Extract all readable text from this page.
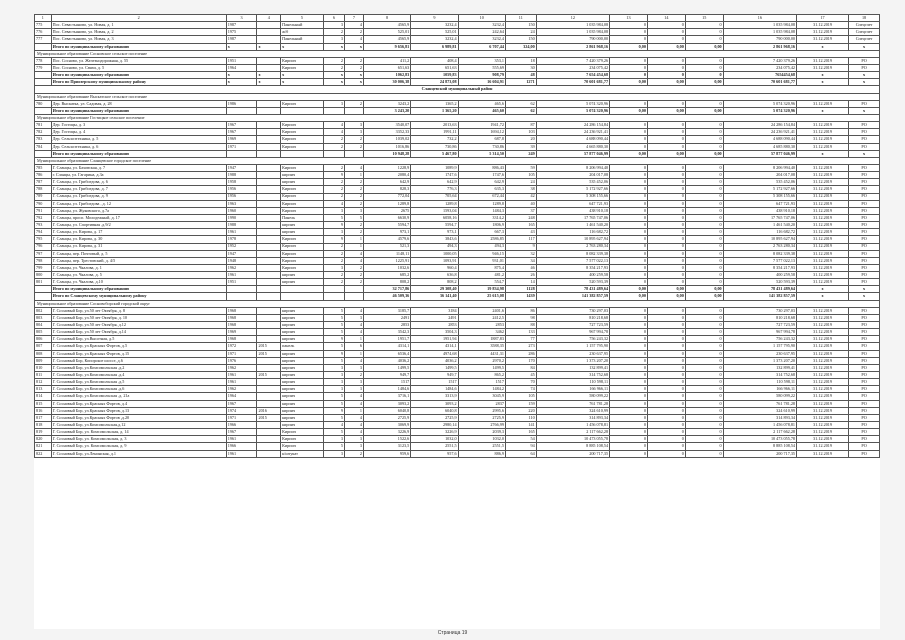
1	2	3	4	5	6	7	8	9	10	11	12	13	14	15	16	17	18
775	Пос. Севастьяново, ул. Новая, д. 1	1987		Панельный	3	4	4565,9	3232,4	3232,4	150	1 035 984,08	0	0	0	1 035 984,08	31.12.2019	Спецсчет
776	Пос. Севастьяново, ул. Новая, д. 2	1975		ж/б	2	2	525,01	525,01	242,64	24	1 035 984,08	0	0	0	1 035 984,08	31.12.2019	Спецсчет
777	Пос. Севастьяново, ул. Новая, д. 3	1987		Панельный	3	4	4565,9	3232,4	3232,4	150	790 000,00	0	0	0	790 000,00	31.12.2019	Спецсчет
	Итого по муниципальному образованию	х	х	х	х	х	9 656,81	6 989,81	6 707,44	324,00	2 861 968,16	0,00	0,00	0,00	2 861 968,16	х	х
Муниципальное образование Сосновское сельское поселение																	
778	Пос. Сосново, ул. Железнодорожная, д. 55	1951		Кирпич	2	2	411,2	408,4	353,1	18	7 420 379,26	0	0	0	7 420 379,26	31.12.2019	РО
779	Пос. Сосново, ул. Связи, д. 5	1964		Кирпич	2	2	651,63	651,63	555,69	30	234 075,42	0	0	0	234 075,42	31.12.2019	РО
	Итого по муниципальному образованию	х	х	х	х	х	1062,83	1059,83	908,79	48	7 654 454,68	0	0	0	7654454,68	х	х
	Итого по Приозерскому муниципальному району	х	х	х	х	х	30 006,38	24 873,08	16 604,91	1271	70 601 681,77	0,00	0,00	0,00	70 601 681,77	х	х
Сланцевский муниципальный район																	
Муниципальное образование Выскатское сельское поселение																	
780	Дер. Выскатка, ул. Садовая, д. 28	1986		Кирпич	3	2	3243,2	1365,2	465,6	62	5 074 320,96	0	0	0	5 074 320,96	31.12.2019	РО
	Итого по муниципальному образованию						3 243,20	1 365,20	465,60	62	5 074 320,96	0,00	0,00	0,00	5 074 320,96	х	х
Муниципальное образование Гостицкое сельское поселение																	
781	Дер. Гостицы, д. 3	1967		Кирпич	4	3	3540,07	2013,63	1941,72	87	24 286 154,84	0	0	0	24 286 154,84	31.12.2019	РО
782	Дер. Гостицы, д. 4	1967		Кирпич	4	3	3352,33	1991,11	1694,12	103	24 236 921,41	0	0	0	24 236 921,41	31.12.2019	РО
783	Дер. Сельхозтехника, д. 5	1969		Кирпич	2	2	1039,02	732,2	687,8	20	4 688 090,44	0	0	0	4 688 090,44	31.12.2019	РО
784	Дер. Сельхозтехника, д. 6	1971		Кирпич	2	2	1016,86	730,86	730,86	39	4 665 880,30	0	0	0	4 685 880,30	31.12.2019	РО
	Итого по муниципальному образованию						10 948,28	5 467,80	5 314,50	249	57 877 046,99	0,00	0,00	0,00	57 877 046,99	х	х
Муниципальное образование Сланцевское городское поселение																	
785	Г. Сланцы, ул. Баховская, д. 7	1947		Кирпич	2	4	1228,9	1089,9	886,43	59	8 206 994,40	0	0	0	8 206 994,40	31.12.2019	РО
786	г. Сланцы, ул. Гагарина, д.3а	1988		кирпич	9	1	2080,4	1747,6	1747,6	105	204 017,08	0	0	0	204 017,08	31.12.2019	РО
787	Г. Сланцы, ул. Грибоедова, д. 6	1958		кирпич	2	2	642,9	642,9	642,9	24	535 452,06	0	0	0	535 452,06	31.12.2019	РО
788	Г. Сланцы, ул. Грибоедова, д. 7	1956		Кирпич	2	2	828,3	776,3	635,3	38	5 172 927,66	0	0	0	5 172 927,66	31.12.2019	РО
789	Г. Сланцы, ул. Грибоедова, д. 9	1956		Кирпич	2	2	772,04	705,64	672,44	42	5 308 155,66	0	0	0	5 308 155,66	31.12.2019	РО
790	Г. Сланцы, ул. Грибоедова , д. 12	1963		Кирпич	4	2	1289,8	1289,8	1289,8	40	647 721,93	0	0	0	647 721,93	31.12.2019	РО
791	Г. Сланцы, ул. Жуковского, д.7а	1960		Кирпич	3	3	2675	1593,04	1484,3	37	438 910,18	0	0	0	438 910,18	31.12.2019	РО
792	Г. Сланцы, просп. Молодежный, д. 17	1990		Панель	5	5	6630,9	6058,16	3314,2	248	17 765 747,06	0	0	0	17 765 747,06	31.12.2019	РО
793	Г. Сланцы, ул. Спортивная ,д.9/2	1988		кирпич	9	2	5594,7	5594,7	1806,9	165	1 461 540,20	0	0	0	1 461 540,20	31.12.2019	РО
794	Г. Сланцы, ул. Кирова, д. 17	1961		кирпич	3	2	973,1	973,1	667,3	43	116 682,72	0	0	0	116 682,72	31.12.2019	РО
795	Г. Сланцы, ул. Кирова, д. 30	1978		Кирпич	9	1	4579,6	3843,6	2586,85	117	10 895 627,94	0	0	0	10 895 627,94	31.12.2019	РО
796	Г. Сланцы, ул. Кирова, д. 31	1952		Кирпич	2	1	521,3	494,3	494,3	9	2 763 280,34	0	0	0	2 763 280,34	31.12.2019	РО
797	Г. Сланцы, пер. Почтовый, д. 5	1947		Кирпич	2	4	1148,11	1000,05	946,15	32	8 082 339,38	0	0	0	8 082 339,38	31.12.2019	РО
798	Г. Сланцы, пер. Трестовский, д. 4/5	1948		Кирпич	2	4	1225,91	1093,91	931,01	34	7 577 022,13	0	0	0	7 577 022,13	31.12.2019	РО
799	Г. Сланцы, ул. Чкалова, д. 1	1962		Кирпич	3	2	1032,6	960,4	875,4	46	8 354 217,93	0	0	0	8 354 217,93	31.12.2019	РО
800	Г. Сланцы, ул. Чкалова, д. 5	1961		кирпич	2	2	685,2	636,8	481,2	26	400 259,58	0	0	0	400 259,58	31.12.2019	РО
801	Г. Сланцы, ул. Чкалова, д.10	1951		кирпич	2	2	808,2	808,2	554,7	14	520 593,39	0	0	0	520 593,39	31.12.2019	РО
	Итого по муниципальному образованию						32 717,86	29 308,40	19 834,98	1128	78 431 489,64	0,00	0,00	0,00	78 431 489,64	х	х
	Итого по Сланцевскому муниципальному району						46 509,36	36 141,40	25 615,08	1439	141 382 857,59	0,00	0,00	0,00	141 382 857,59	х	х
Муниципальное образование Сосновоборский городской округ																	
802	Г. Сосновый Бор, ул.50 лет Октября, д. 8	1968		кирпич	5	4	3185,7	3184	2401,6	86	730 297,03	0	0	0	730 297,03	31.12.2019	РО
803	Г. Сосновый Бор, ул.50 лет Октября, д. 10	1968		кирпич	5	3	2491	2491	2412,5	98	810 218,68	0	0	0	810 218,68	31.12.2019	РО
804	Г. Сосновый Бор, ул.50 лет Октября, д.12	1968		кирпич	5	4	2853	2853	2853	88	727 723,59	0	0	0	727 723,59	31.12.2019	РО
805	Г. Сосновый Бор, ул.50 лет Октября, д.14	1969		кирпич	5	4	3542,3	3504,3	3462	133	967 994,78	0	0	0	967 994,78	31.12.2019	РО
806	Г. Сосновый Бор, ул.Высотная, д.5	1968		кирпич	9	1	1951,7	1951,94	1887,83	77	756 243,32	0	0	0	756 243,32	31.12.2019	РО
807	Г. Сосновый Бор, ул.Красных Фортов, д.5	1972	2015	панель	5	6	4314,1	4314,1	3588,35	273	1 157 795,90	0	0	0	1 157 795,90	31.12.2019	РО
808	Г. Сосновый Бор, ул.Красных Фортов, д.15	1971	2015	кирпич	9	1	6536,4	4974,68	4431,31	286	230 637,95	0	0	0	230 637,95	31.12.2019	РО
809	Г. Сосновый Бор, Копорское шоссе, д.6	1976		кирпич	5	4	4036,2	4036,2	2970,2	170	1 373 207,20	0	0	0	1 373 207,20	31.12.2019	РО
810	Г. Сосновый Бор, ул.Комсомольская ,д.2	1962		кирпич	3	3	1499,5	1499,5	1499,5	84	132 899,41	0	0	0	132 899,41	31.12.2019	РО
811	Г. Сосновый Бор, ул.Комсомольская ,д.4	1961	2015	кирпич	3	2	949,7	949,7	865,2	45	314 752,68	0	0	0	314 752,68	31.12.2019	РО
812	Г. Сосновый Бор, ул.Комсомольская ,д.5	1961		кирпич	3	3	1517	1517	1517	70	110 598,11	0	0	0	110 598,11	31.12.2019	РО
813	Г. Сосновый Бор, ул.Комсомольская ,д.6	1962		кирпич	3	3	1484,6	1484,6	1484,2	74	166 966,11	0	0	0	166 966,11	31.12.2019	РО
814	Г. Сосновый Бор, ул.Комсомольская ,д. 21а	1964		кирпич	5	4	3716,1	3313,9	3045,9	105	580 099,22	0	0	0	580 099,22	31.12.2019	РО
815	Г. Сосновый Бор, ул.Красных Фортов, д.4	1967		кирпич	5	4	3093,2	3093,2	2837	159	761 781,28	0	0	0	761 781,28	31.12.2019	РО
816	Г. Сосновый Бор, ул.Красных Фортов, д.13	1974	2016	кирпич	9	1	6040,8	6040,8	2995,6	220	324 610,99	0	0	0	324 610,99	31.12.2019	РО
817	Г. Сосновый Бор, ул.Красных Фортов ,д.20	1971	2015	кирпич	5	4	2725,9	2725,9	2725,9	110	314 893,34	0	0	0	314 893,34	31.12.2019	РО
818	Г. Сосновый Бор, ул.Комсомольская,д.12	1966		кирпич	4	4	3069,9	2980,14	2766,99	141	1 456 078,81	0	0	0	1 456 078,81	31.12.2019	РО
819	Г. Сосновый Бор, ул. Комсомольская, д. 14	1967		Кирпич	5	4	3226,9	3226,9	2039,3	165	2 117 662,28	0	0	0	2 117 662,28	31.12.2019	РО
820	Г. Сосновый Бор, ул. Комсомольская, д. 3	1961		Кирпич	3	3	1522,6	1032,0	1032,0	54	10 473 055,78	0	0	0	10 473 055,78	31.12.2019	РО
821	Г. Сосновый Бор, ул. Комсомольская, д. 9	1966		Кирпич	5	3	3123,5	2551,5	2551,5	94	8 885 108,54	0	0	0	8 885 108,54	31.12.2019	РО
822	Г. Сосновый Бор, ул.Ленинская, д.1	1961		к/штукат	3	2	959,6	957,6	886,9	64	200 717,35	0	0	0	200 717,35	31.12.2019	РО
Страница 19
